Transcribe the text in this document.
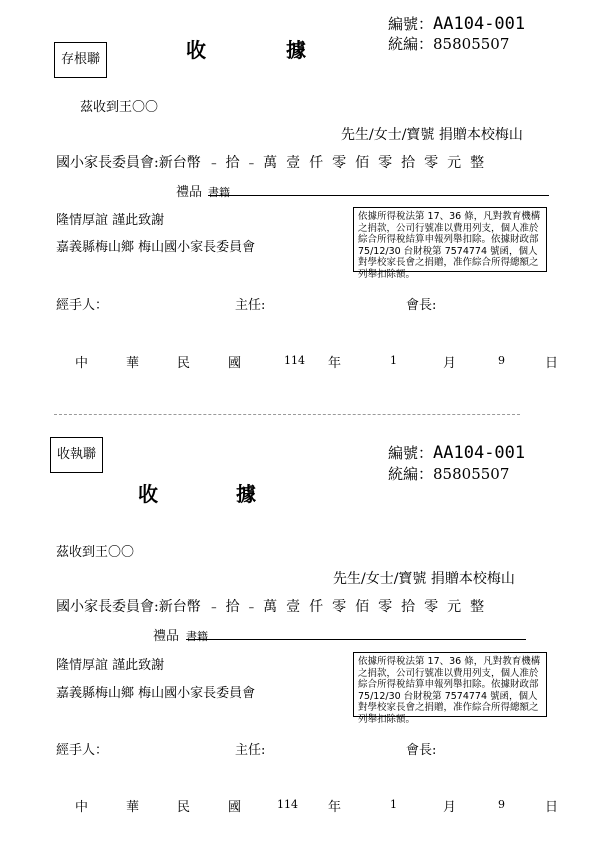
存根聯	收	據
編號：AA104-001
統編：85805507
茲收到王〇〇
先生/女士/寶號 捐贈本校梅山
國小家長委員會:新台幣 – 拾 – 萬 壹 仟 零 佰 零 拾 零 元 整
禮品 書籍
隆情厚誼 謹此致謝
嘉義縣梅山鄉 梅山國小家長委員會
依據所得稅法第 17、36 條，凡對教育機構之捐款，公司行號准以費用列支，個人准於綜合所得稅結算申報列舉扣除。依據財政部 75/12/30 台財稅第 7574774 號函，個人對學校家長會之捐贈，准作綜合所得總額之列舉扣除額。
經手人：	主任:	會長:
中	華	民	國	114 年	1	月	9	日
收執聯
收	據
編號：AA104-001
統編：85805507
茲收到王〇〇
先生/女士/寶號 捐贈本校梅山
國小家長委員會:新台幣 – 拾 – 萬 壹 仟 零 佰 零 拾 零 元 整
禮品 書籍
隆情厚誼 謹此致謝
嘉義縣梅山鄉 梅山國小家長委員會
依據所得稅法第 17、36 條，凡對教育機構之捐款，公司行號准以費用列支，個人准於綜合所得稅結算申報列舉扣除。依據財政部 75/12/30 台財稅第 7574774 號函，個人對學校家長會之捐贈，准作綜合所得總額之列舉扣除額。
經手人：	主任:	會長:
中	華	民	國	114 年	1	月	9	日
